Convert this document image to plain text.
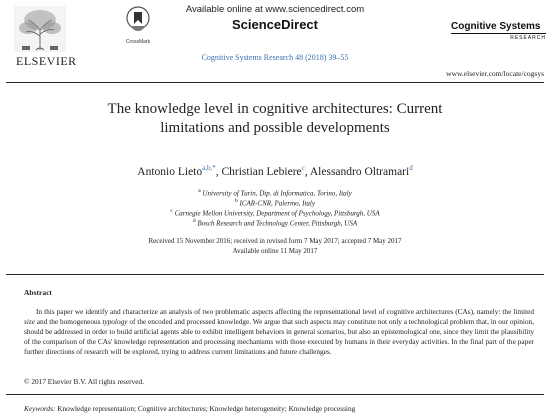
Available online at www.sciencedirect.com
ScienceDirect
ELSEVIER
CrossMark
Cognitive Systems Research 48 (2018) 39–55
Cognitive Systems
RESEARCH
www.elsevier.com/locate/cogsys
The knowledge level in cognitive architectures: Current
limitations and possible developments
Antonio Lieto$^{a,b,*}$, Christian Lebiere$^c$, Alessandro Oltramari$^d$
$^a$ University of Turin, Dip. di Informatica, Torino, Italy
$^b$ ICAR-CNR, Palermo, Italy
$^c$ Carnegie Mellon University, Department of Psychology, Pittsburgh, USA
$^d$ Bosch Research and Technology Center, Pittsburgh, USA
Received 15 November 2016; received in revised form 7 May 2017; accepted 7 May 2017
Available online 11 May 2017
Abstract
In this paper we identify and characterize an analysis of two problematic aspects affecting the representational level of cognitive architectures (CAs), namely: the limited size and the homogeneous typology of the encoded and processed knowledge. We argue that such aspects may constitute not only a technological problem that, in our opinion, should be addressed in order to build artificial agents able to exhibit intelligent behaviors in general scenarios, but also an epistemological one, since they limit the plausibility of the comparison of the CAs' knowledge representation and processing mechanisms with those executed by humans in their everyday activities. In the final part of the paper further directions of research will be explored, trying to address current limitations and future challenges.
© 2017 Elsevier B.V. All rights reserved.
Keywords: Knowledge representation; Cognitive architectures; Knowledge heterogeneity; Knowledge processing
